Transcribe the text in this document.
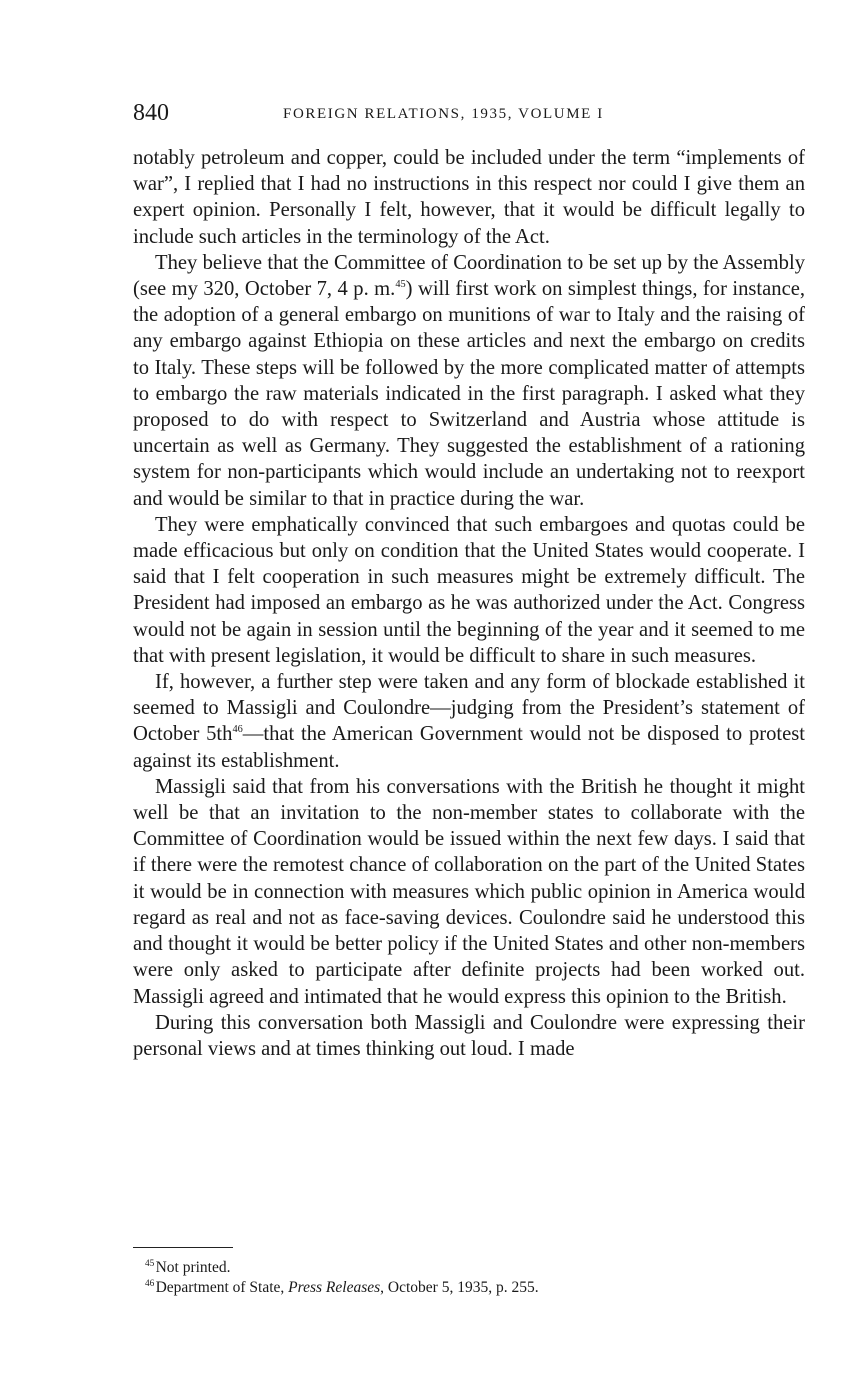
840	FOREIGN RELATIONS, 1935, VOLUME I

notably petroleum and copper, could be included under the term “implements of war”, I replied that I had no instructions in this respect nor could I give them an expert opinion. Personally I felt, however, that it would be difficult legally to include such articles in the terminology of the Act.

They believe that the Committee of Coordination to be set up by the Assembly (see my 320, October 7, 4 p. m.$^{45}$) will first work on simplest things, for instance, the adoption of a general embargo on munitions of war to Italy and the raising of any embargo against Ethiopia on these articles and next the embargo on credits to Italy. These steps will be followed by the more complicated matter of attempts to embargo the raw materials indicated in the first paragraph. I asked what they proposed to do with respect to Switzerland and Austria whose attitude is uncertain as well as Germany. They suggested the establishment of a rationing system for non-participants which would include an undertaking not to reexport and would be similar to that in practice during the war.

They were emphatically convinced that such embargoes and quotas could be made efficacious but only on condition that the United States would cooperate. I said that I felt cooperation in such measures might be extremely difficult. The President had imposed an embargo as he was authorized under the Act. Congress would not be again in session until the beginning of the year and it seemed to me that with present legislation, it would be difficult to share in such measures.

If, however, a further step were taken and any form of blockade established it seemed to Massigli and Coulondre—judging from the President’s statement of October $5th^{46}—that$ the American Government would not be disposed to protest against its establishment.

Massigli said that from his conversations with the British he thought it might well be that an invitation to the non-member states to collaborate with the Committee of Coordination would be issued within the next few days. I said that if there were the remotest chance of collaboration on the part of the United States it would be in connection with measures which public opinion in America would regard as real and not as face-saving devices. Coulondre said he understood this and thought it would be better policy if the United States and other non-members were only asked to participate after definite projects had been worked out. Massigli agreed and intimated that he would express this opinion to the British.

During this conversation both Massigli and Coulondre were expressing their personal views and at times thinking out loud. I made

$^{45}$ Not printed.
$^{46}$ Department of State, Press Releases, October 5, 1935, p. 255.
